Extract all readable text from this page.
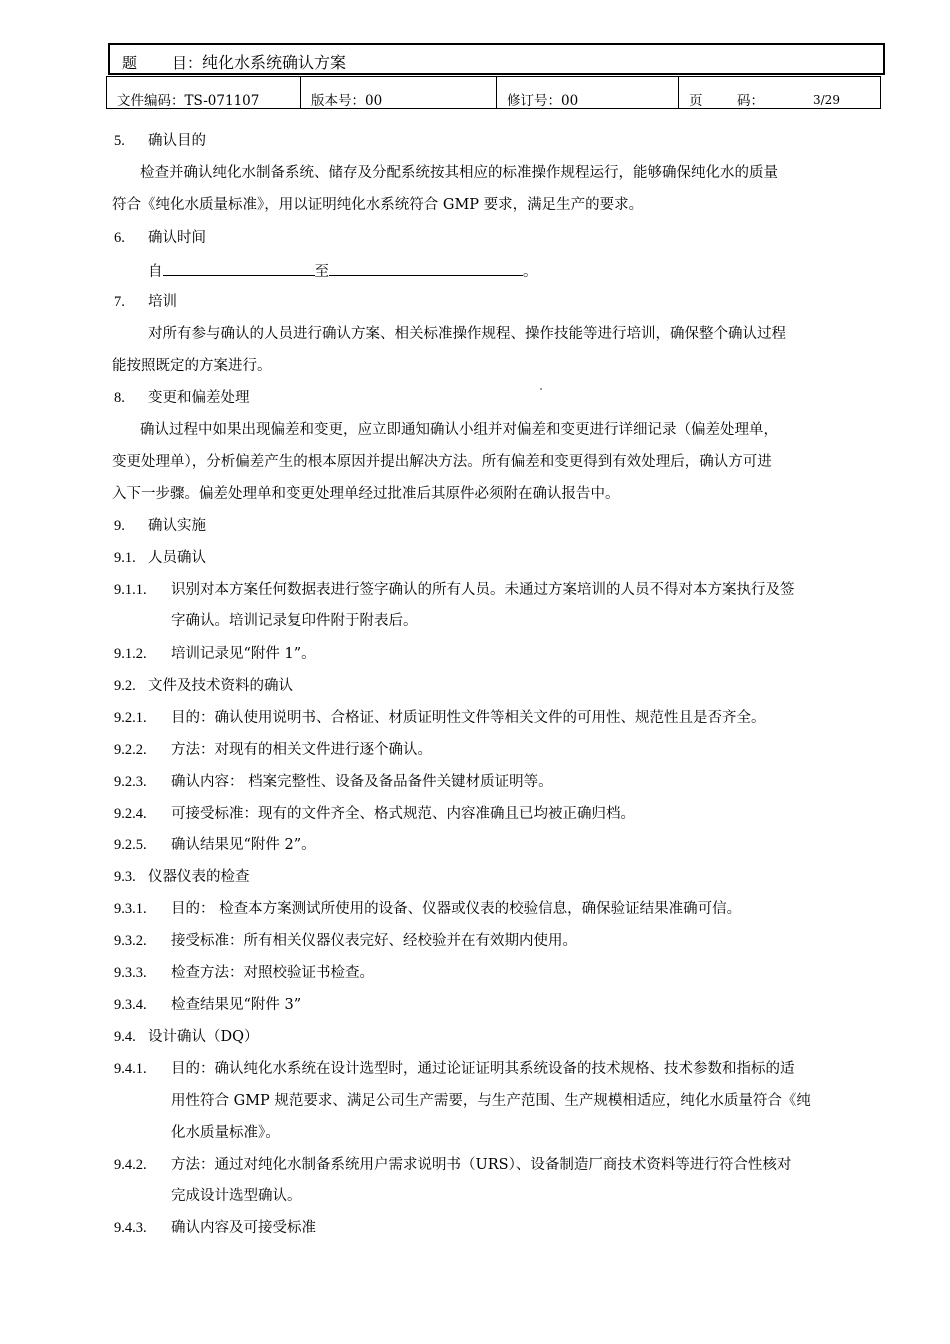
题 目： 纯化水系统确认方案
文件编码：TS-071107	版本号：00	修订号：00	页	码：	3/29
5. 确认目的
检查并确认纯化水制备系统、储存及分配系统按其相应的标准操作规程运行，能够确保纯化水的质量
符合《纯化水质量标准》，用以证明纯化水系统符合 GMP 要求，满足生产的要求。
6. 确认时间
自	至	。
7. 培训
对所有参与确认的人员进行确认方案、相关标准操作规程、操作技能等进行培训，确保整个确认过程
能按照既定的方案进行。
8. 变更和偏差处理
确认过程中如果出现偏差和变更，应立即通知确认小组并对偏差和变更进行详细记录（偏差处理单，
变更处理单），分析偏差产生的根本原因并提出解决方法。所有偏差和变更得到有效处理后，确认方可进
入下一步骤。偏差处理单和变更处理单经过批准后其原件必须附在确认报告中。
9. 确认实施
9.1. 人员确认
9.1.1. 识别对本方案任何数据表进行签字确认的所有人员。未通过方案培训的人员不得对本方案执行及签
字确认。培训记录复印件附于附表后。
9.1.2. 培训记录见“附件 1”。
9.2. 文件及技术资料的确认
9.2.1. 目的：确认使用说明书、合格证、材质证明性文件等相关文件的可用性、规范性且是否齐全。
9.2.2. 方法：对现有的相关文件进行逐个确认。
9.2.3. 确认内容： 档案完整性、设备及备品备件关键材质证明等。
9.2.4. 可接受标准：现有的文件齐全、格式规范、内容准确且已均被正确归档。
9.2.5. 确认结果见“附件 2”。
9.3. 仪器仪表的检查
9.3.1. 目的： 检查本方案测试所使用的设备、仪器或仪表的校验信息，确保验证结果准确可信。
9.3.2. 接受标准：所有相关仪器仪表完好、经校验并在有效期内使用。
9.3.3. 检查方法：对照校验证书检查。
9.3.4. 检查结果见“附件 3”
9.4. 设计确认（DQ）
9.4.1. 目的：确认纯化水系统在设计选型时，通过论证证明其系统设备的技术规格、技术参数和指标的适
用性符合 GMP 规范要求、满足公司生产需要，与生产范围、生产规模相适应，纯化水质量符合《纯
化水质量标准》。
9.4.2. 方法：通过对纯化水制备系统用户需求说明书（URS）、设备制造厂商技术资料等进行符合性核对
完成设计选型确认。
9.4.3. 确认内容及可接受标准
